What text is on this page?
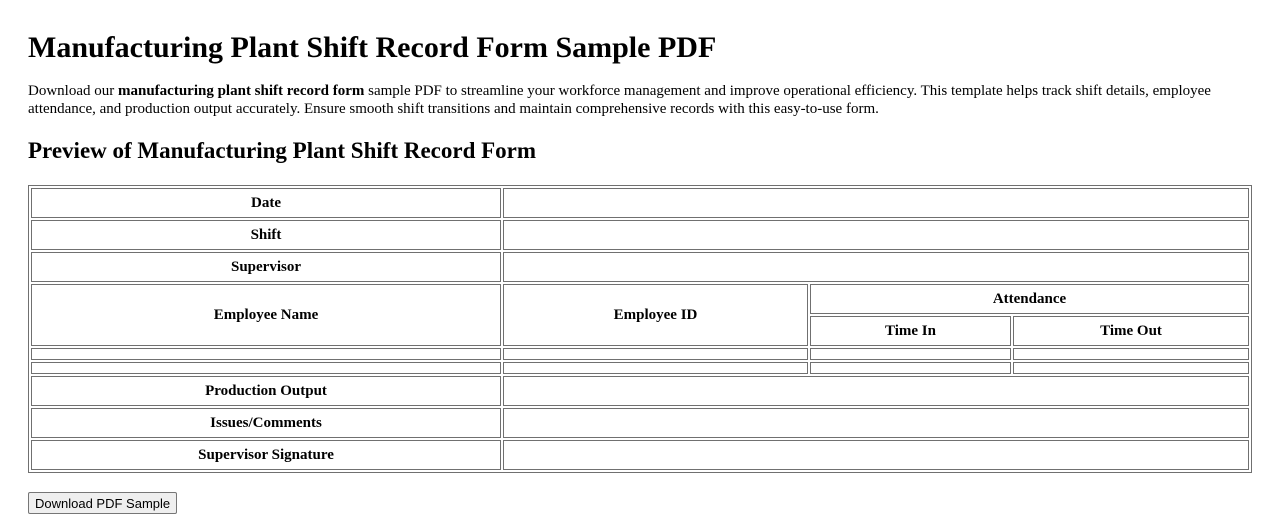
Manufacturing Plant Shift Record Form Sample PDF

Download our manufacturing plant shift record form sample PDF to streamline your workforce management and improve operational efficiency. This template helps track shift details, employee attendance, and production output accurately. Ensure smooth shift transitions and maintain comprehensive records with this easy-to-use form.

Preview of Manufacturing Plant Shift Record Form
Date			
Shift			
Supervisor			
Employee Name	Employee ID	Attendance	
		Time In	Time Out

Production Output			
Issues/Comments			
Supervisor Signature			
Download PDF Sample
